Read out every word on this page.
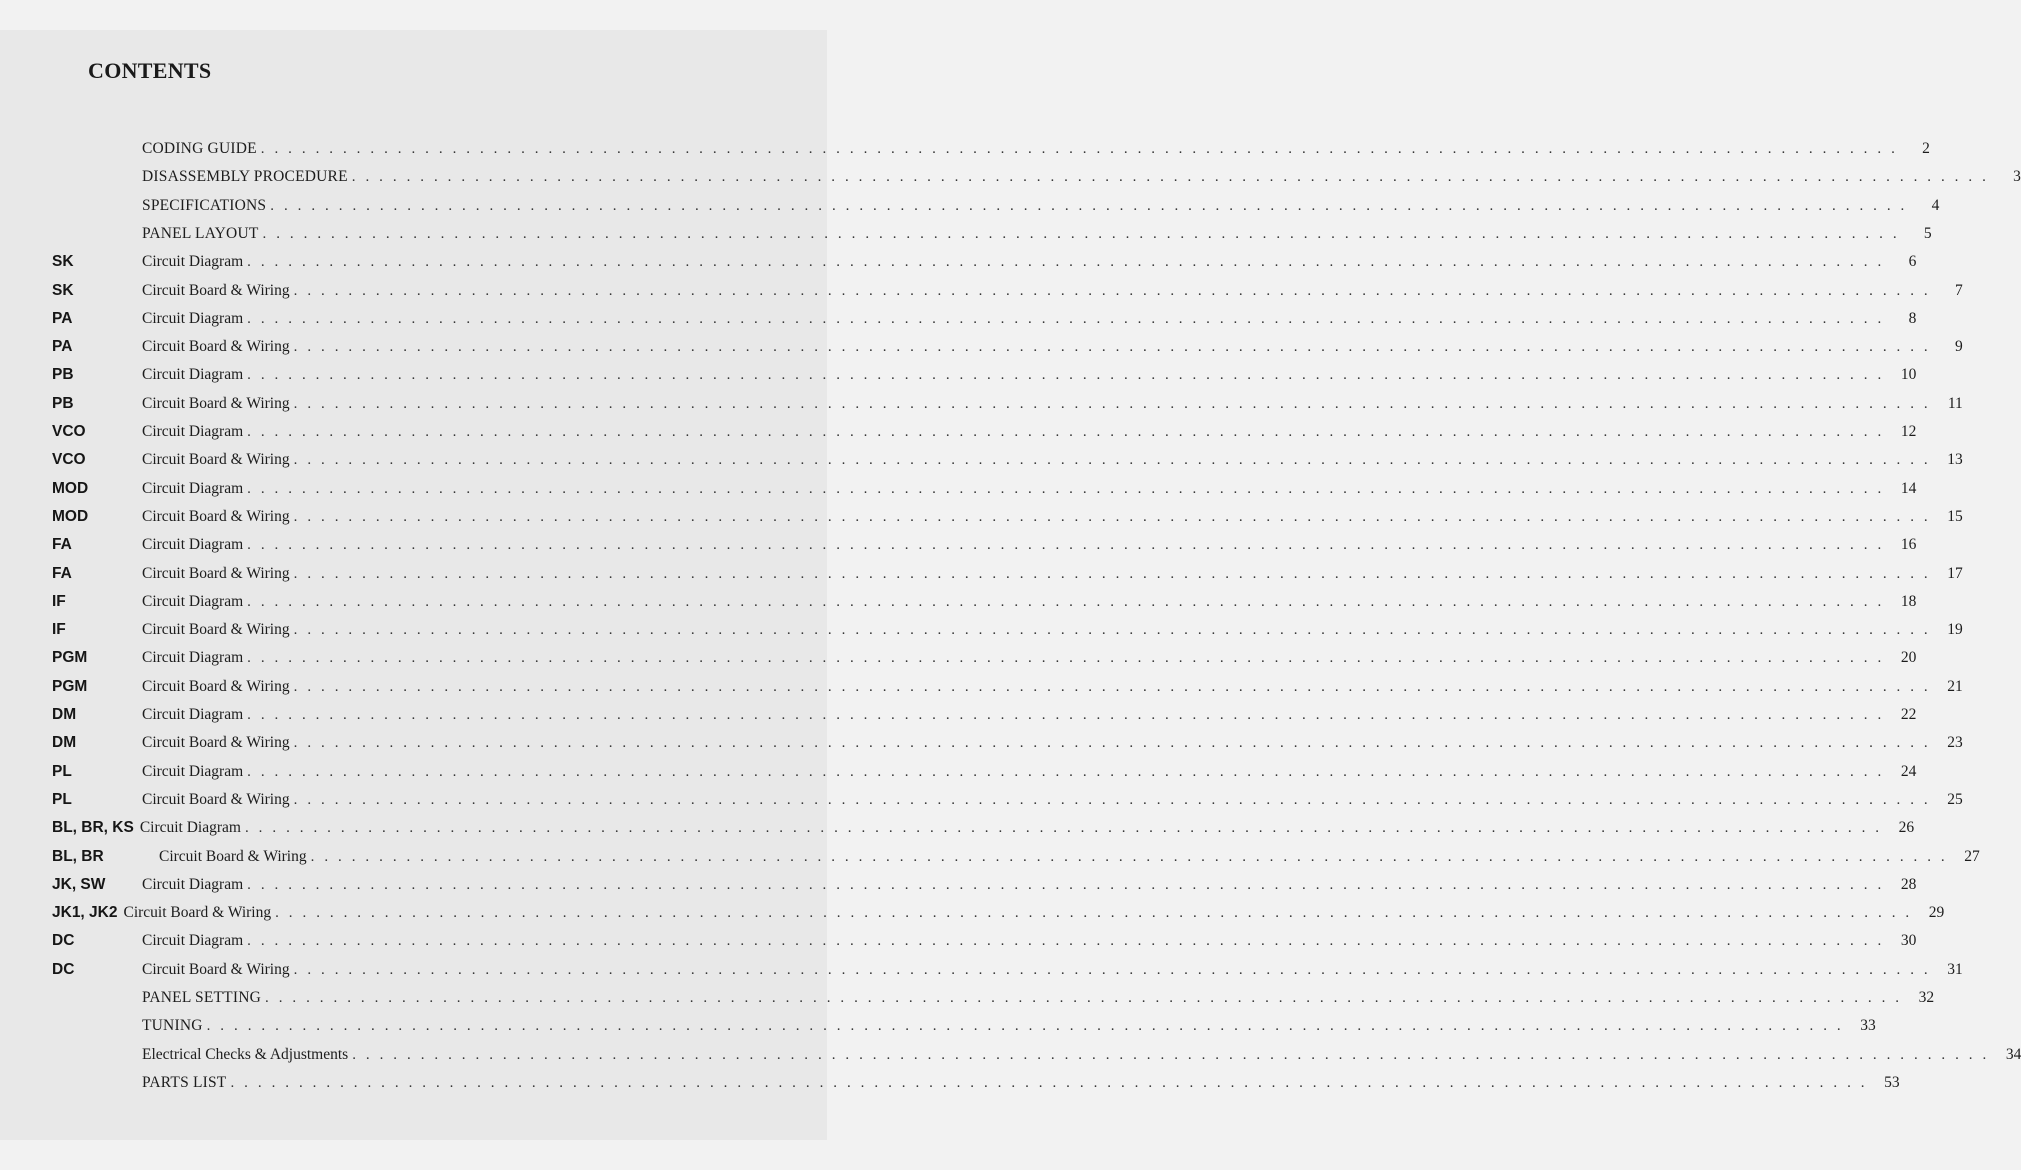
CONTENTS
CODING GUIDE . . . . . . . . . . . . . . . . . . . . . . . . . . . . . . . . . . . . . . . . . . . . . . . . . . . . . . . . . . . . . . . . . . . . . . . . . . . . . . . . . . . . . . . . . . . . . . . . . . . . . . . . . . . . . . . . . . . . . . . .	2
DISASSEMBLY PROCEDURE . . . . . . . . . . . . . . . . . . . . . . . . . . . . . . . . . . . . . . . . . . . . . . . . . . . . . . . . . . . . . . . . . . . . . . . . . . . . . . . . . . . . . . . . . . . . . . . . . . . . . . . . . . . . . . . . . . . . . . . .	3
SPECIFICATIONS . . . . . . . . . . . . . . . . . . . . . . . . . . . . . . . . . . . . . . . . . . . . . . . . . . . . . . . . . . . . . . . . . . . . . . . . . . . . . . . . . . . . . . . . . . . . . . . . . . . . . . . . . . . . . . . . . . . . . . . .	4
PANEL LAYOUT . . . . . . . . . . . . . . . . . . . . . . . . . . . . . . . . . . . . . . . . . . . . . . . . . . . . . . . . . . . . . . . . . . . . . . . . . . . . . . . . . . . . . . . . . . . . . . . . . . . . . . . . . . . . . . . . . . . . . . . .	5
SK	Circuit Diagram . . . . . . . . . . . . . . . . . . . . . . . . . . . . . . . . . . . . . . . . . . . . . . . . . . . . . . . . . . . . . . . . . . . . . . . . . . . . . . . . . . . . . . . . . . . . . . . . . . . . . . . . . . . . . . . . . . . . . . . .	6
SK	Circuit Board & Wiring . . . . . . . . . . . . . . . . . . . . . . . . . . . . . . . . . . . . . . . . . . . . . . . . . . . . . . . . . . . . . . . . . . . . . . . . . . . . . . . . . . . . . . . . . . . . . . . . . . . . . . . . . . . . . . . . . . . . . . . .	7
PA	Circuit Diagram . . . . . . . . . . . . . . . . . . . . . . . . . . . . . . . . . . . . . . . . . . . . . . . . . . . . . . . . . . . . . . . . . . . . . . . . . . . . . . . . . . . . . . . . . . . . . . . . . . . . . . . . . . . . . . . . . . . . . . . .	8
PA	Circuit Board & Wiring . . . . . . . . . . . . . . . . . . . . . . . . . . . . . . . . . . . . . . . . . . . . . . . . . . . . . . . . . . . . . . . . . . . . . . . . . . . . . . . . . . . . . . . . . . . . . . . . . . . . . . . . . . . . . . . . . . . . . . . .	9
PB	Circuit Diagram . . . . . . . . . . . . . . . . . . . . . . . . . . . . . . . . . . . . . . . . . . . . . . . . . . . . . . . . . . . . . . . . . . . . . . . . . . . . . . . . . . . . . . . . . . . . . . . . . . . . . . . . . . . . . . . . . . . . . . . .	10
PB	Circuit Board & Wiring . . . . . . . . . . . . . . . . . . . . . . . . . . . . . . . . . . . . . . . . . . . . . . . . . . . . . . . . . . . . . . . . . . . . . . . . . . . . . . . . . . . . . . . . . . . . . . . . . . . . . . . . . . . . . . . . . . . . . . . .	11
VCO	Circuit Diagram . . . . . . . . . . . . . . . . . . . . . . . . . . . . . . . . . . . . . . . . . . . . . . . . . . . . . . . . . . . . . . . . . . . . . . . . . . . . . . . . . . . . . . . . . . . . . . . . . . . . . . . . . . . . . . . . . . . . . . . .	12
VCO	Circuit Board & Wiring . . . . . . . . . . . . . . . . . . . . . . . . . . . . . . . . . . . . . . . . . . . . . . . . . . . . . . . . . . . . . . . . . . . . . . . . . . . . . . . . . . . . . . . . . . . . . . . . . . . . . . . . . . . . . . . . . . . . . . . .	13
MOD	Circuit Diagram . . . . . . . . . . . . . . . . . . . . . . . . . . . . . . . . . . . . . . . . . . . . . . . . . . . . . . . . . . . . . . . . . . . . . . . . . . . . . . . . . . . . . . . . . . . . . . . . . . . . . . . . . . . . . . . . . . . . . . . .	14
MOD	Circuit Board & Wiring . . . . . . . . . . . . . . . . . . . . . . . . . . . . . . . . . . . . . . . . . . . . . . . . . . . . . . . . . . . . . . . . . . . . . . . . . . . . . . . . . . . . . . . . . . . . . . . . . . . . . . . . . . . . . . . . . . . . . . . .	15
FA	Circuit Diagram . . . . . . . . . . . . . . . . . . . . . . . . . . . . . . . . . . . . . . . . . . . . . . . . . . . . . . . . . . . . . . . . . . . . . . . . . . . . . . . . . . . . . . . . . . . . . . . . . . . . . . . . . . . . . . . . . . . . . . . .	16
FA	Circuit Board & Wiring . . . . . . . . . . . . . . . . . . . . . . . . . . . . . . . . . . . . . . . . . . . . . . . . . . . . . . . . . . . . . . . . . . . . . . . . . . . . . . . . . . . . . . . . . . . . . . . . . . . . . . . . . . . . . . . . . . . . . . . .	17
IF	Circuit Diagram . . . . . . . . . . . . . . . . . . . . . . . . . . . . . . . . . . . . . . . . . . . . . . . . . . . . . . . . . . . . . . . . . . . . . . . . . . . . . . . . . . . . . . . . . . . . . . . . . . . . . . . . . . . . . . . . . . . . . . . .	18
IF	Circuit Board & Wiring . . . . . . . . . . . . . . . . . . . . . . . . . . . . . . . . . . . . . . . . . . . . . . . . . . . . . . . . . . . . . . . . . . . . . . . . . . . . . . . . . . . . . . . . . . . . . . . . . . . . . . . . . . . . . . . . . . . . . . . .	19
PGM	Circuit Diagram . . . . . . . . . . . . . . . . . . . . . . . . . . . . . . . . . . . . . . . . . . . . . . . . . . . . . . . . . . . . . . . . . . . . . . . . . . . . . . . . . . . . . . . . . . . . . . . . . . . . . . . . . . . . . . . . . . . . . . . .	20
PGM	Circuit Board & Wiring . . . . . . . . . . . . . . . . . . . . . . . . . . . . . . . . . . . . . . . . . . . . . . . . . . . . . . . . . . . . . . . . . . . . . . . . . . . . . . . . . . . . . . . . . . . . . . . . . . . . . . . . . . . . . . . . . . . . . . . .	21
DM	Circuit Diagram . . . . . . . . . . . . . . . . . . . . . . . . . . . . . . . . . . . . . . . . . . . . . . . . . . . . . . . . . . . . . . . . . . . . . . . . . . . . . . . . . . . . . . . . . . . . . . . . . . . . . . . . . . . . . . . . . . . . . . . .	22
DM	Circuit Board & Wiring . . . . . . . . . . . . . . . . . . . . . . . . . . . . . . . . . . . . . . . . . . . . . . . . . . . . . . . . . . . . . . . . . . . . . . . . . . . . . . . . . . . . . . . . . . . . . . . . . . . . . . . . . . . . . . . . . . . . . . . .	23
PL	Circuit Diagram . . . . . . . . . . . . . . . . . . . . . . . . . . . . . . . . . . . . . . . . . . . . . . . . . . . . . . . . . . . . . . . . . . . . . . . . . . . . . . . . . . . . . . . . . . . . . . . . . . . . . . . . . . . . . . . . . . . . . . . .	24
PL	Circuit Board & Wiring . . . . . . . . . . . . . . . . . . . . . . . . . . . . . . . . . . . . . . . . . . . . . . . . . . . . . . . . . . . . . . . . . . . . . . . . . . . . . . . . . . . . . . . . . . . . . . . . . . . . . . . . . . . . . . . . . . . . . . . .	25
BL, BR, KS Circuit Diagram . . . . . . . . . . . . . . . . . . . . . . . . . . . . . . . . . . . . . . . . . . . . . . . . . . . . . . . . . . . . . . . . . . . . . . . . . . . . . . . . . . . . . . . . . . . . . . . . . . . . . . . . . . . . . . . . . . . . . . . .	26
BL, BR	Circuit Board & Wiring . . . . . . . . . . . . . . . . . . . . . . . . . . . . . . . . . . . . . . . . . . . . . . . . . . . . . . . . . . . . . . . . . . . . . . . . . . . . . . . . . . . . . . . . . . . . . . . . . . . . . . . . . . . . . . . . . . . . . . . .	27
JK, SW	Circuit Diagram . . . . . . . . . . . . . . . . . . . . . . . . . . . . . . . . . . . . . . . . . . . . . . . . . . . . . . . . . . . . . . . . . . . . . . . . . . . . . . . . . . . . . . . . . . . . . . . . . . . . . . . . . . . . . . . . . . . . . . . .	28
JK1, JK2 Circuit Board & Wiring . . . . . . . . . . . . . . . . . . . . . . . . . . . . . . . . . . . . . . . . . . . . . . . . . . . . . . . . . . . . . . . . . . . . . . . . . . . . . . . . . . . . . . . . . . . . . . . . . . . . . . . . . . . . . . . . . . . . . . . .	29
DC	Circuit Diagram . . . . . . . . . . . . . . . . . . . . . . . . . . . . . . . . . . . . . . . . . . . . . . . . . . . . . . . . . . . . . . . . . . . . . . . . . . . . . . . . . . . . . . . . . . . . . . . . . . . . . . . . . . . . . . . . . . . . . . . .	30
DC	Circuit Board & Wiring . . . . . . . . . . . . . . . . . . . . . . . . . . . . . . . . . . . . . . . . . . . . . . . . . . . . . . . . . . . . . . . . . . . . . . . . . . . . . . . . . . . . . . . . . . . . . . . . . . . . . . . . . . . . . . . . . . . . . . . .	31
PANEL SETTING . . . . . . . . . . . . . . . . . . . . . . . . . . . . . . . . . . . . . . . . . . . . . . . . . . . . . . . . . . . . . . . . . . . . . . . . . . . . . . . . . . . . . . . . . . . . . . . . . . . . . . . . . . . . . . . . . . . . . . . .	32
TUNING . . . . . . . . . . . . . . . . . . . . . . . . . . . . . . . . . . . . . . . . . . . . . . . . . . . . . . . . . . . . . . . . . . . . . . . . . . . . . . . . . . . . . . . . . . . . . . . . . . . . . . . . . . . . . . . . . . . . . . . .	33
Electrical Checks & Adjustments . . . . . . . . . . . . . . . . . . . . . . . . . . . . . . . . . . . . . . . . . . . . . . . . . . . . . . . . . . . . . . . . . . . . . . . . . . . . . . . . . . . . . . . . . . . . . . . . . . . . . . . . . . . . . . . . . . . . . . . .	34
PARTS LIST . . . . . . . . . . . . . . . . . . . . . . . . . . . . . . . . . . . . . . . . . . . . . . . . . . . . . . . . . . . . . . . . . . . . . . . . . . . . . . . . . . . . . . . . . . . . . . . . . . . . . . . . . . . . . . . . . . . . . . . .	53
